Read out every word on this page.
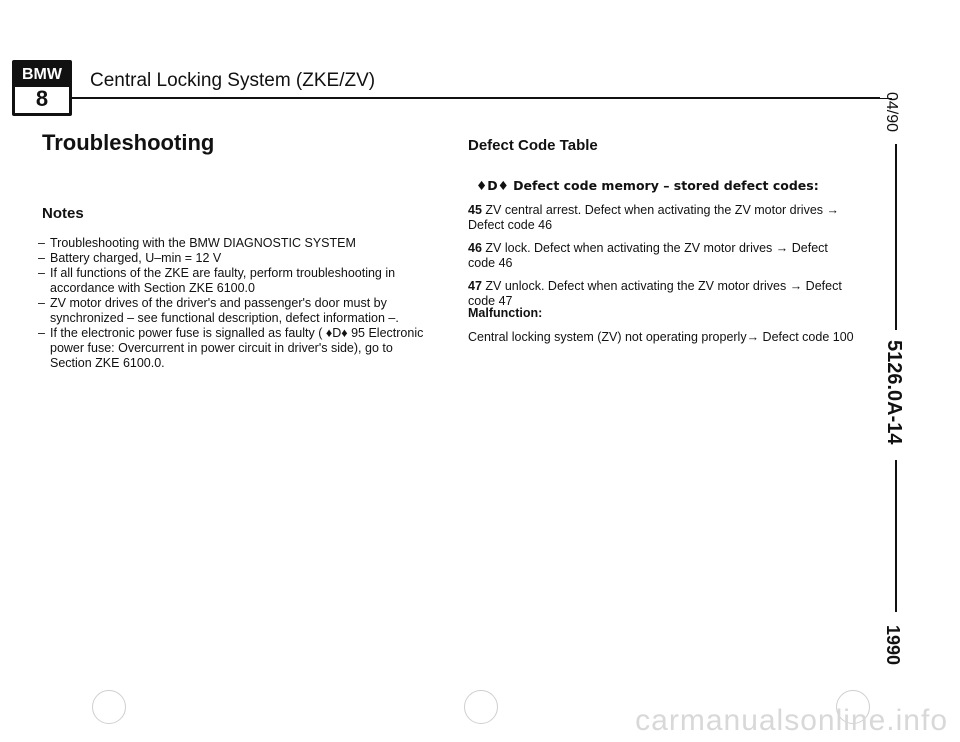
BMW
8
Central Locking System (ZKE/ZV)
Troubleshooting
Notes
– Troubleshooting with the BMW DIAGNOSTIC SYSTEM
– Battery charged, U–min = 12 V
– If all functions of the ZKE are faulty, perform troubleshooting in accordance with Section ZKE 6100.0
– ZV motor drives of the driver's and passenger's door must by synchronized – see functional description, defect information –.
– If the electronic power fuse is signalled as faulty ( ♦D♦ 95 Electronic power fuse: Overcurrent in power circuit in driver's side), go to Section ZKE 6100.0.
Defect Code Table
♦D♦ Defect code memory – stored defect codes:
45 ZV central arrest. Defect when activating the ZV motor drives → Defect code 46
46 ZV lock. Defect when activating the ZV motor drives → Defect code 46
47 ZV unlock. Defect when activating the ZV motor drives → Defect code 47
Malfunction:
Central locking system (ZV) not operating properly→ Defect code 100
04/90
5126.0A-14
1990
carmanualsonline.info
